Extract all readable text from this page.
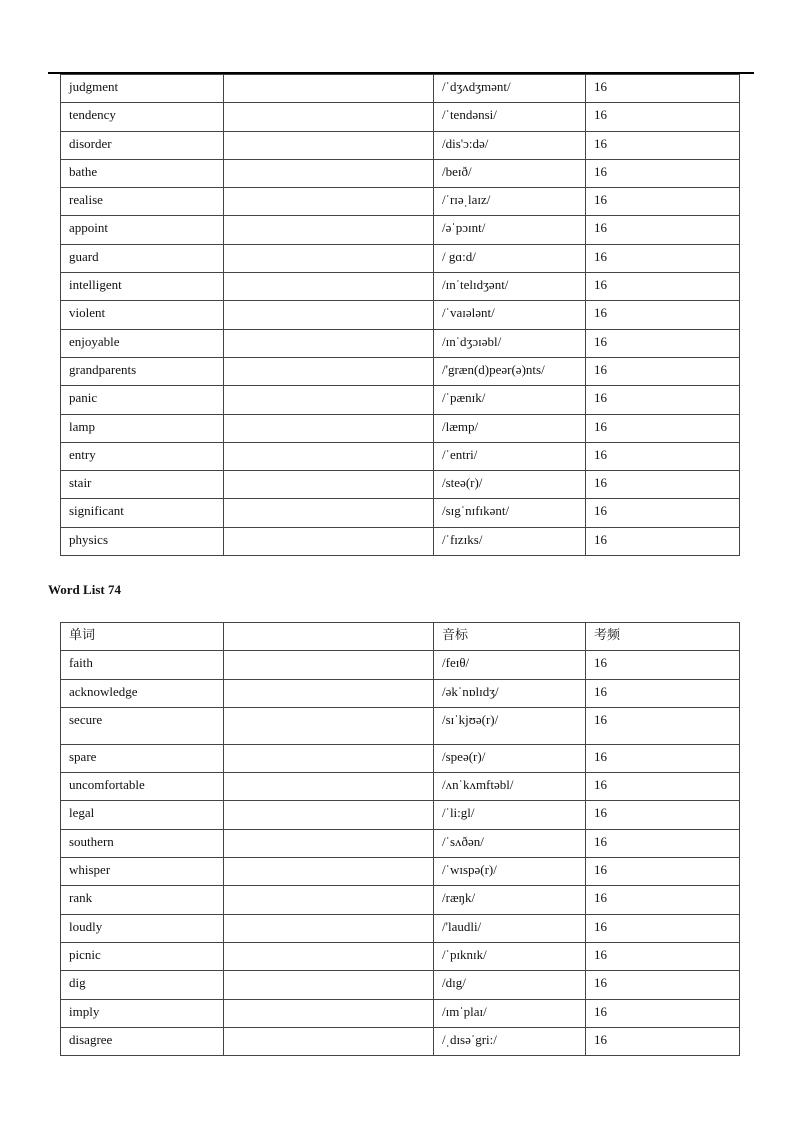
judgment		/ˈdʒʌdʒmənt/	16
tendency		/ˈtendənsi/	16
disorder		/dis'ɔ:də/	16
bathe		/beɪð/	16
realise		/ˈrɪəˌlaɪz/	16
appoint		/əˈpɔɪnt/	16
guard		/ gɑ:d/	16
intelligent		/ɪnˈtelɪdʒənt/	16
violent		/ˈvaɪələnt/	16
enjoyable		/ɪnˈdʒɔɪəbl/	16
grandparents		/'græn(d)peər(ə)nts/	16
panic		/ˈpænɪk/	16
lamp		/læmp/	16
entry		/ˈentri/	16
stair		/steə(r)/	16
significant		/sɪgˈnɪfɪkənt/	16
physics		/ˈfɪzɪks/	16
Word List 74
单词		音标	考频
faith		/feɪθ/	16
acknowledge		/əkˈnɒlɪdʒ/	16
secure		/sɪˈkjʊə(r)/	16
spare		/speə(r)/	16
uncomfortable		/ʌnˈkʌmftəbl/	16
legal		/ˈli:gl/	16
southern		/ˈsʌðən/	16
whisper		/ˈwɪspə(r)/	16
rank		/ræŋk/	16
loudly		/'laudli/	16
picnic		/ˈpɪknɪk/	16
dig		/dɪg/	16
imply		/ɪmˈplaɪ/	16
disagree		/ˌdɪsəˈgri:/	16
